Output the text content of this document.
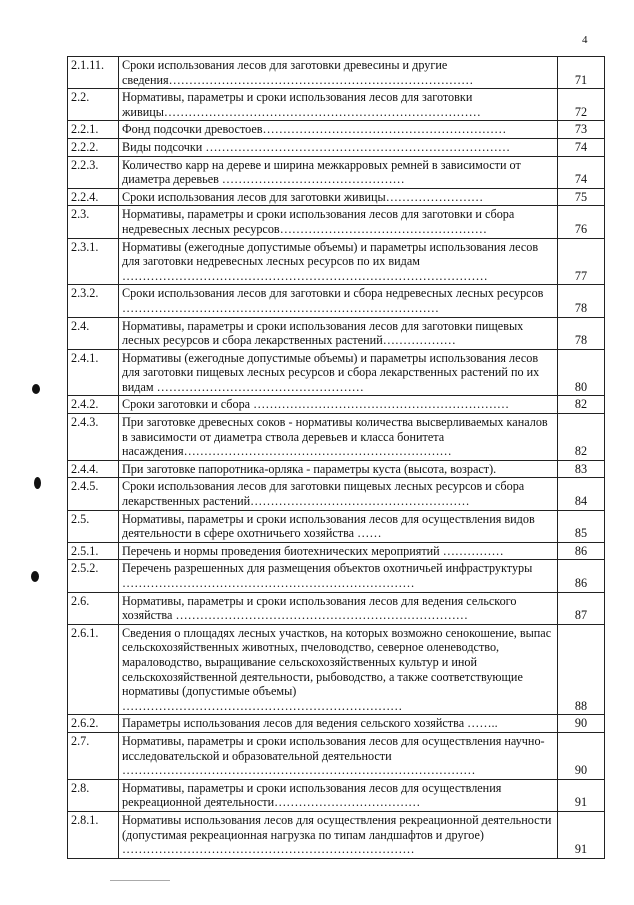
4
2.1.11.	Сроки использования лесов для заготовки древесины и другие сведения…………………………………………………………………	71
2.2.	Нормативы, параметры и сроки использования лесов для заготовки живицы……………………………………………………………………	72
2.2.1.	Фонд подсочки древостоев……………………………………………………	73
2.2.2.	Виды подсочки …………………………………………………………………	74
2.2.3.	Количество карр на дереве и ширина межкарровых ремней в зависимости от диаметра деревьев ………………………………………	74
2.2.4.	Сроки использования лесов для заготовки живицы……………………	75
2.3.	Нормативы, параметры и сроки использования лесов для заготовки и сбора недревесных лесных ресурсов……………………………………………	76
2.3.1.	Нормативы (ежегодные допустимые объемы) и параметры использования лесов для заготовки недревесных лесных ресурсов по их видам ………………………………………………………………………………	77
2.3.2.	Сроки использования лесов для заготовки и сбора недревесных лесных ресурсов ……………………………………………………………………	78
2.4.	Нормативы, параметры и сроки использования лесов для заготовки пищевых лесных ресурсов и сбора лекарственных растений………………	78
2.4.1.	Нормативы (ежегодные допустимые объемы) и параметры использования лесов для заготовки пищевых лесных ресурсов и сбора лекарственных растений по их видам ……………………………………………	80
2.4.2.	Сроки заготовки и сбора ………………………………………………………	82
2.4.3.	При заготовке древесных соков - нормативы количества высверливаемых каналов в зависимости от диаметра ствола деревьев и класса бонитета насаждения…………………………………………………………	82
2.4.4.	При заготовке папоротника-орляка - параметры куста (высота, возраст).	83
2.4.5.	Сроки использования лесов для заготовки пищевых лесных ресурсов и сбора лекарственных растений………………………………………………	84
2.5.	Нормативы, параметры и сроки использования лесов для осуществления видов деятельности в сфере охотничьего хозяйства ……	85
2.5.1.	Перечень и нормы проведения биотехнических мероприятий ……………	86
2.5.2.	Перечень разрешенных для размещения объектов охотничьей инфраструктуры ………………………………………………………………	86
2.6.	Нормативы, параметры и сроки использования лесов для ведения сельского хозяйства ………………………………………………………………	87
2.6.1.	Сведения о площадях лесных участков, на которых возможно сенокошение, выпас сельскохозяйственных животных, пчеловодство, северное оленеводство, мараловодство, выращивание сельскохозяйственных культур и иной сельскохозяйственной деятельности, рыбоводство, а также соответствующие нормативы (допустимые объемы) ……………………………………………………………	88
2.6.2.	Параметры использования лесов для ведения сельского хозяйства ……..	90
2.7.	Нормативы, параметры и сроки использования лесов для осуществления научно-исследовательской и образовательной деятельности ……………………………………………………………………………	90
2.8.	Нормативы, параметры и сроки использования лесов для осуществления рекреационной деятельности………………………………	91
2.8.1.	Нормативы использования лесов для осуществления рекреационной деятельности (допустимая рекреационная нагрузка по типам ландшафтов и другое) ………………………………………………………………	91
